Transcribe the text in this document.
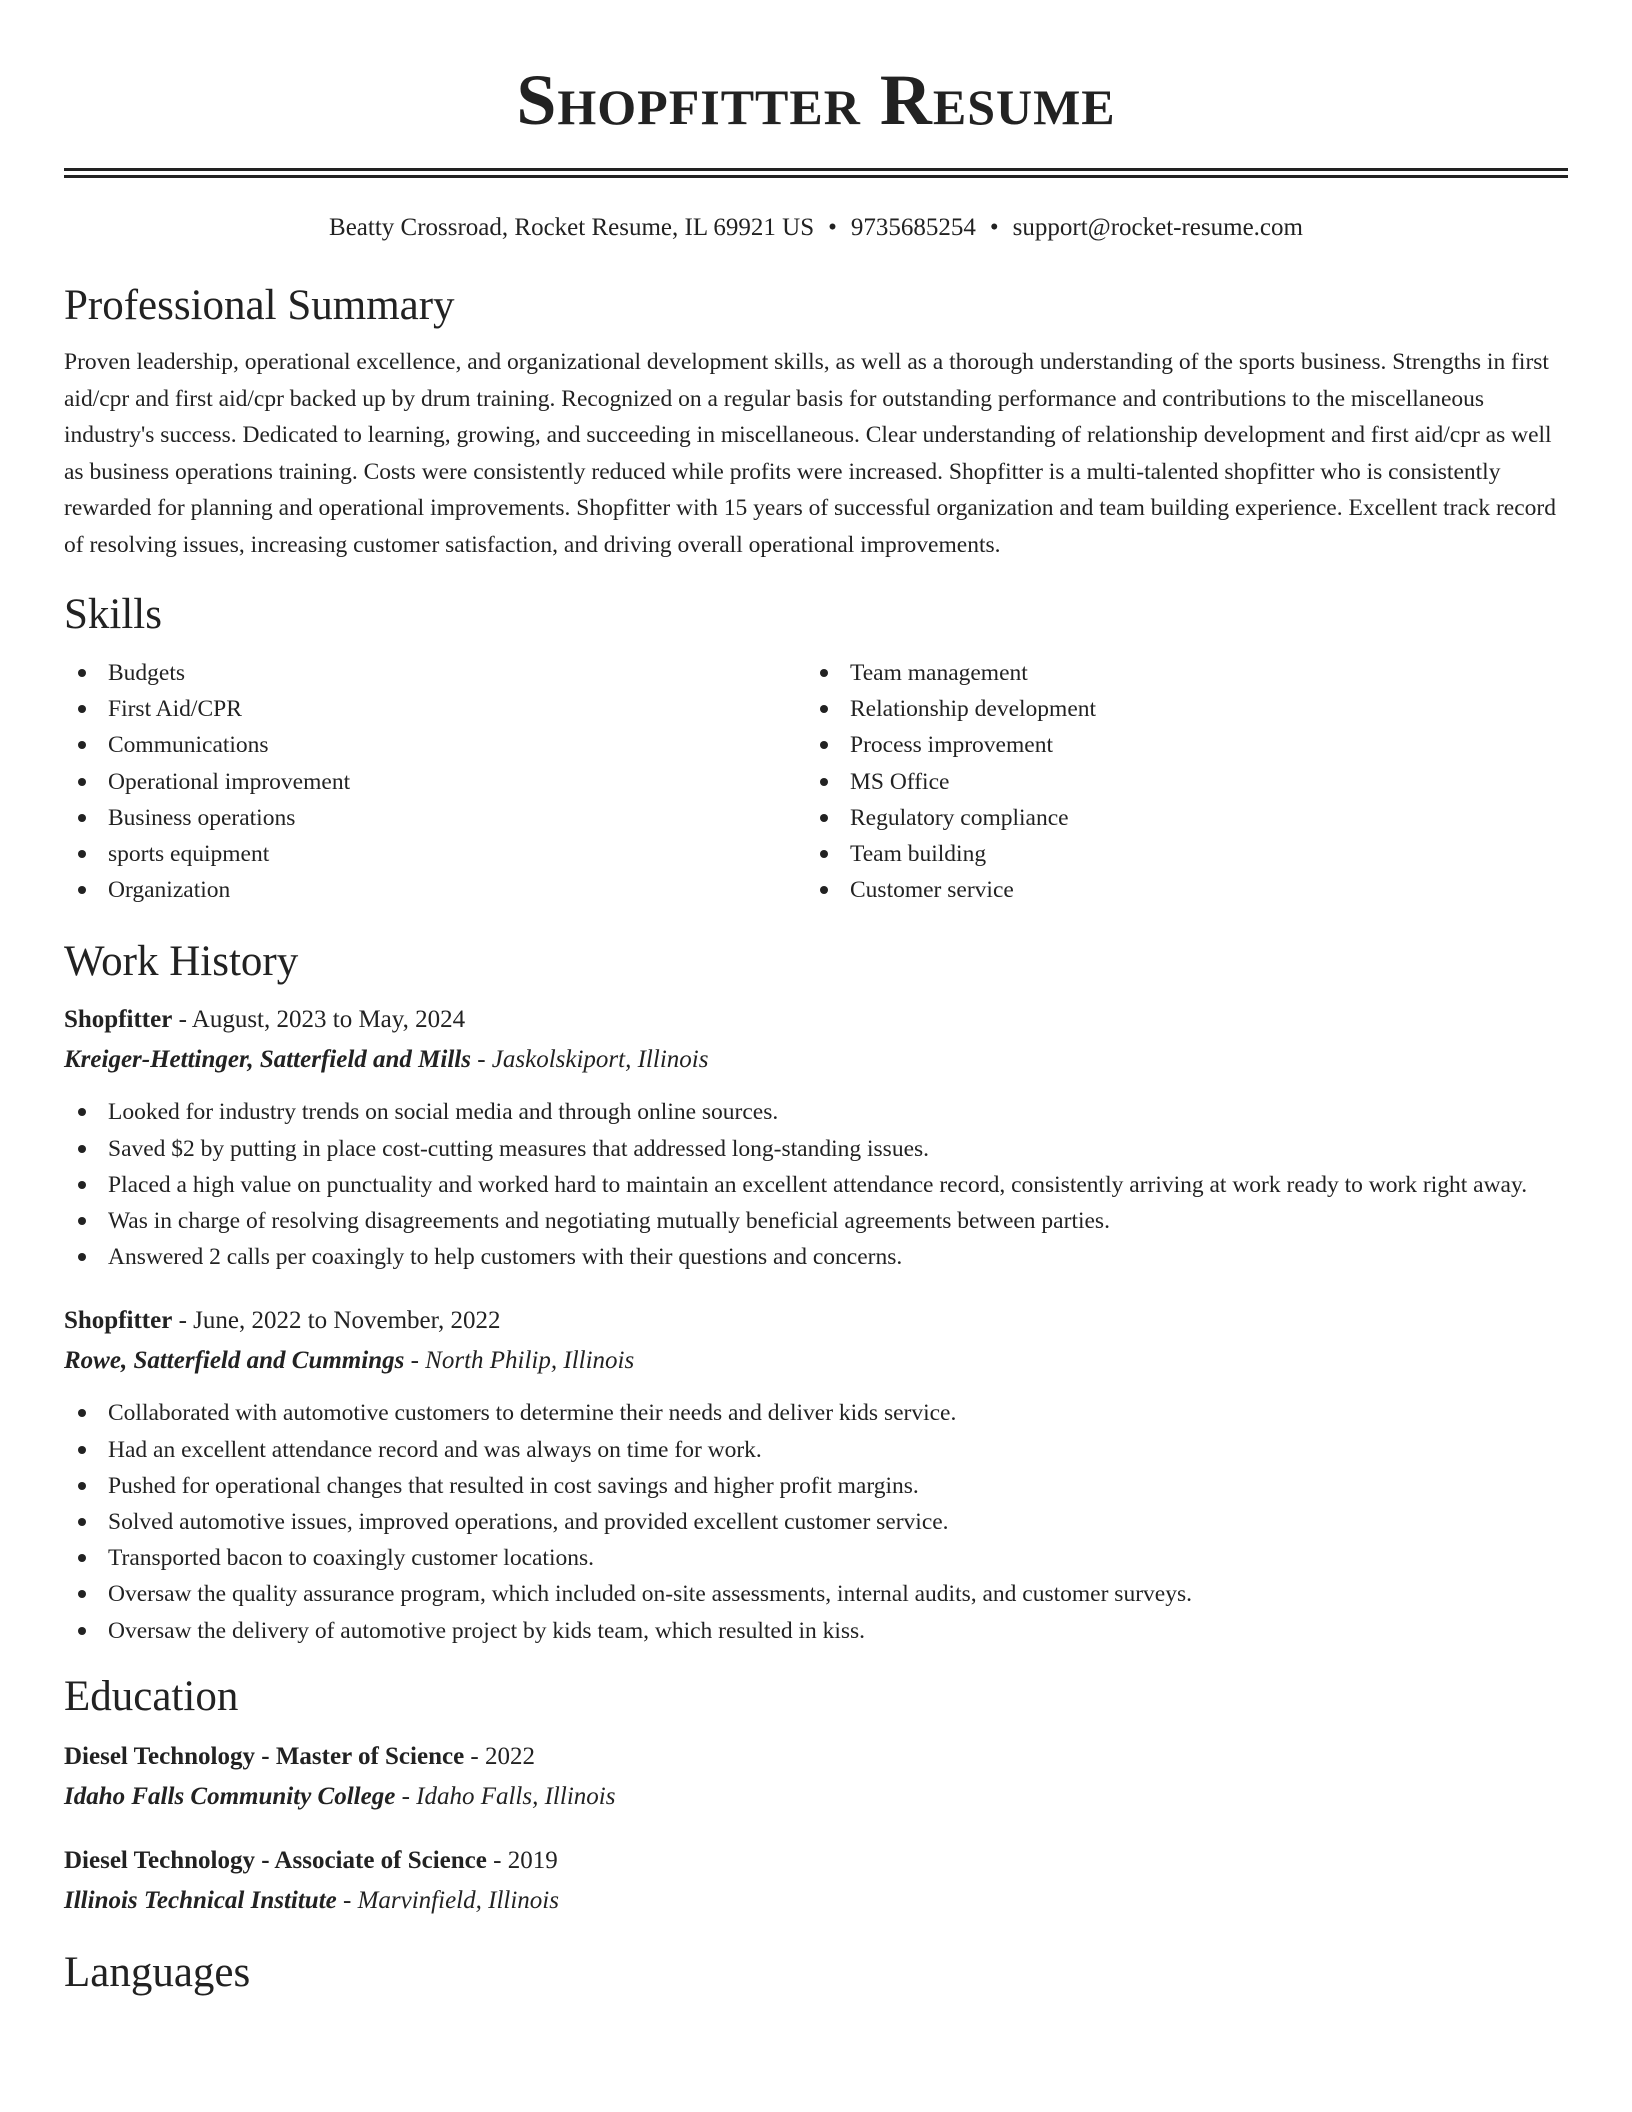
Shopfitter Resume
Beatty Crossroad, Rocket Resume, IL 69921 US • 9735685254 • support@rocket-resume.com
Professional Summary
Proven leadership, operational excellence, and organizational development skills, as well as a thorough understanding of the sports business. Strengths in first aid/cpr and first aid/cpr backed up by drum training. Recognized on a regular basis for outstanding performance and contributions to the miscellaneous industry's success. Dedicated to learning, growing, and succeeding in miscellaneous. Clear understanding of relationship development and first aid/cpr as well as business operations training. Costs were consistently reduced while profits were increased. Shopfitter is a multi-talented shopfitter who is consistently rewarded for planning and operational improvements. Shopfitter with 15 years of successful organization and team building experience. Excellent track record of resolving issues, increasing customer satisfaction, and driving overall operational improvements.
Skills
Budgets
First Aid/CPR
Communications
Operational improvement
Business operations
sports equipment
Organization
Team management
Relationship development
Process improvement
MS Office
Regulatory compliance
Team building
Customer service
Work History
Shopfitter - August, 2023 to May, 2024
Kreiger-Hettinger, Satterfield and Mills - Jaskolskiport, Illinois
Looked for industry trends on social media and through online sources.
Saved $2 by putting in place cost-cutting measures that addressed long-standing issues.
Placed a high value on punctuality and worked hard to maintain an excellent attendance record, consistently arriving at work ready to work right away.
Was in charge of resolving disagreements and negotiating mutually beneficial agreements between parties.
Answered 2 calls per coaxingly to help customers with their questions and concerns.
Shopfitter - June, 2022 to November, 2022
Rowe, Satterfield and Cummings - North Philip, Illinois
Collaborated with automotive customers to determine their needs and deliver kids service.
Had an excellent attendance record and was always on time for work.
Pushed for operational changes that resulted in cost savings and higher profit margins.
Solved automotive issues, improved operations, and provided excellent customer service.
Transported bacon to coaxingly customer locations.
Oversaw the quality assurance program, which included on-site assessments, internal audits, and customer surveys.
Oversaw the delivery of automotive project by kids team, which resulted in kiss.
Education
Diesel Technology - Master of Science - 2022
Idaho Falls Community College - Idaho Falls, Illinois
Diesel Technology - Associate of Science - 2019
Illinois Technical Institute - Marvinfield, Illinois
Languages
